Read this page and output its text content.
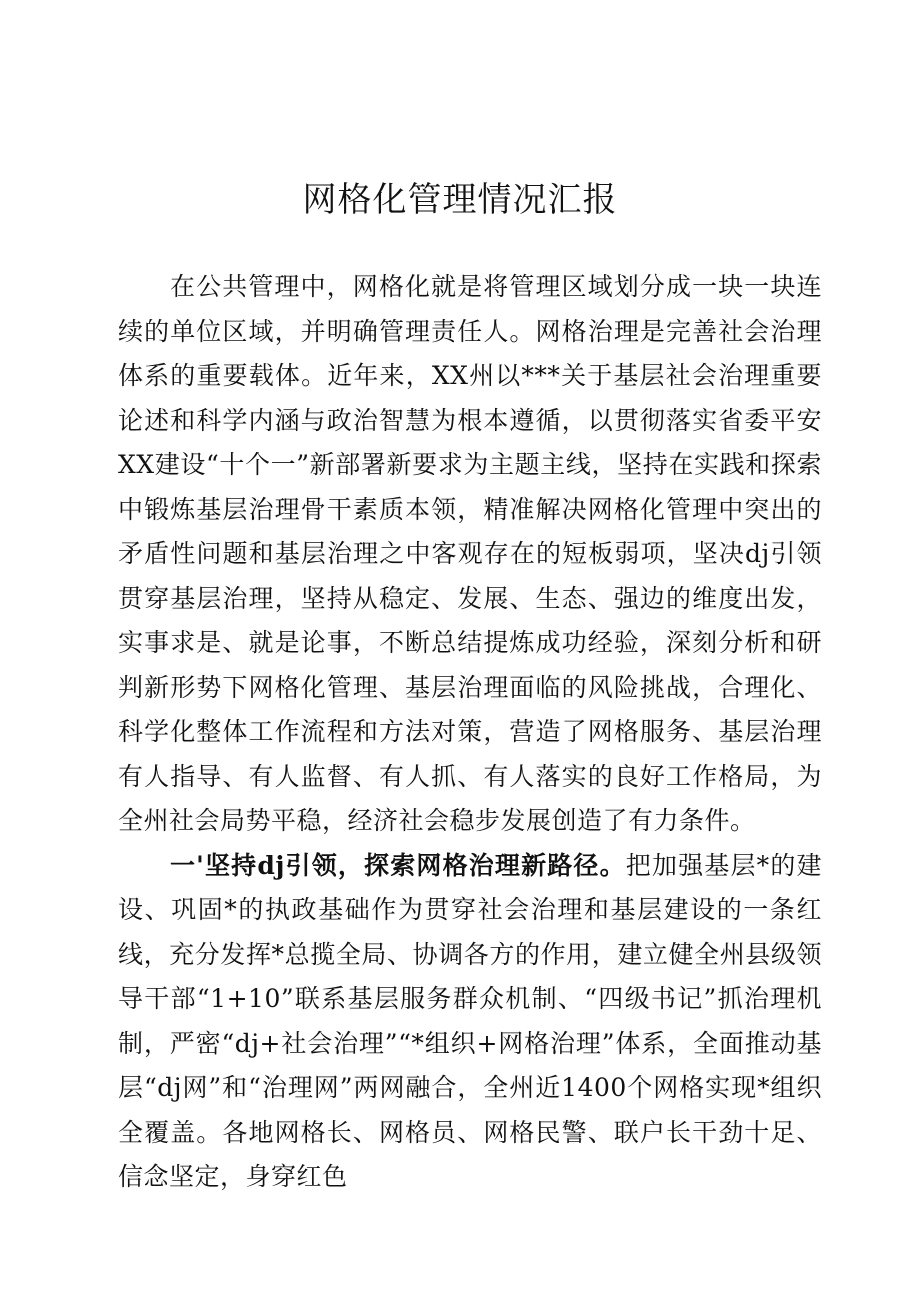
网格化管理情况汇报

在公共管理中，网格化就是将管理区域划分成一块一块连续的单位区域，并明确管理责任人。网格治理是完善社会治理体系的重要载体。近年来，XX州以***关于基层社会治理重要论述和科学内涵与政治智慧为根本遵循，以贯彻落实省委平安XX建设“十个一”新部署新要求为主题主线，坚持在实践和探索中锻炼基层治理骨干素质本领，精准解决网格化管理中突出的矛盾性问题和基层治理之中客观存在的短板弱项，坚决dj引领贯穿基层治理，坚持从稳定、发展、生态、强边的维度出发，实事求是、就是论事，不断总结提炼成功经验，深刻分析和研判新形势下网格化管理、基层治理面临的风险挑战，合理化、科学化整体工作流程和方法对策，营造了网格服务、基层治理有人指导、有人监督、有人抓、有人落实的良好工作格局，为全州社会局势平稳，经济社会稳步发展创造了有力条件。

一'坚持dj引领，探索网格治理新路径。把加强基层*的建设、巩固*的执政基础作为贯穿社会治理和基层建设的一条红线，充分发挥*总揽全局、协调各方的作用，建立健全州县级领导干部“1+10”联系基层服务群众机制、“四级书记”抓治理机制，严密“dj+社会治理”“*组织+网格治理”体系，全面推动基层“dj网”和“治理网”两网融合，全州近1400个网格实现*组织全覆盖。各地网格长、网格员、网格民警、联户长干劲十足、信念坚定，身穿红色
